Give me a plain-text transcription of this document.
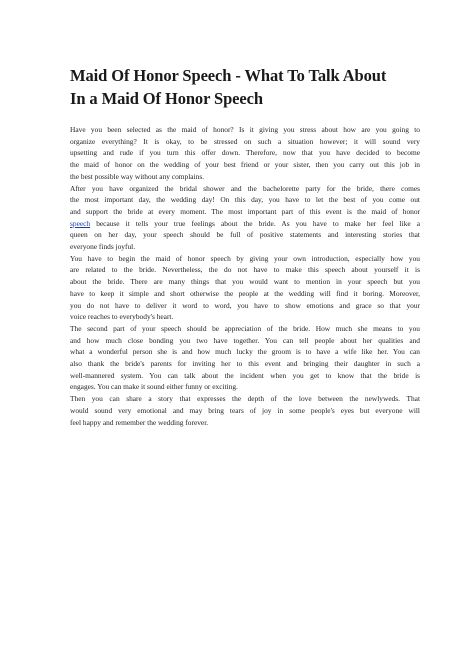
Maid Of Honor Speech - What To Talk About
In a Maid Of Honor Speech

Have you been selected as the maid of honor? Is it giving you stress about how are you going to
organize everything? It is okay, to be stressed on such a situation however; it will sound very
upsetting and rude if you turn this offer down. Therefore, now that you have decided to become
the maid of honor on the wedding of your best friend or your sister, then you carry out this job in
the best possible way without any complains.

After you have organized the bridal shower and the bachelorette party for the bride, there comes
the most important day, the wedding day! On this day, you have to let the best of you come out
and support the bride at every moment. The most important part of this event is the maid of honor
speech because it tells your true feelings about the bride. As you have to make her feel like a
queen on her day, your speech should be full of positive statements and interesting stories that
everyone finds joyful.

You have to begin the maid of honor speech by giving your own introduction, especially how you
are related to the bride. Nevertheless, the do not have to make this speech about yourself it is
about the bride. There are many things that you would want to mention in your speech but you
have to keep it simple and short otherwise the people at the wedding will find it boring. Moreover,
you do not have to deliver it word to word, you have to show emotions and grace so that your
voice reaches to everybody's heart.

The second part of your speech should be appreciation of the bride. How much she means to you
and how much close bonding you two have together. You can tell people about her qualities and
what a wonderful person she is and how much lucky the groom is to have a wife like her. You can
also thank the bride's parents for inviting her to this event and bringing their daughter in such a
well-mannered system. You can talk about the incident when you get to know that the bride is
engages. You can make it sound either funny or exciting.

Then you can share a story that expresses the depth of the love between the newlyweds. That
would sound very emotional and may bring tears of joy in some people's eyes but everyone will
feel happy and remember the wedding forever.
